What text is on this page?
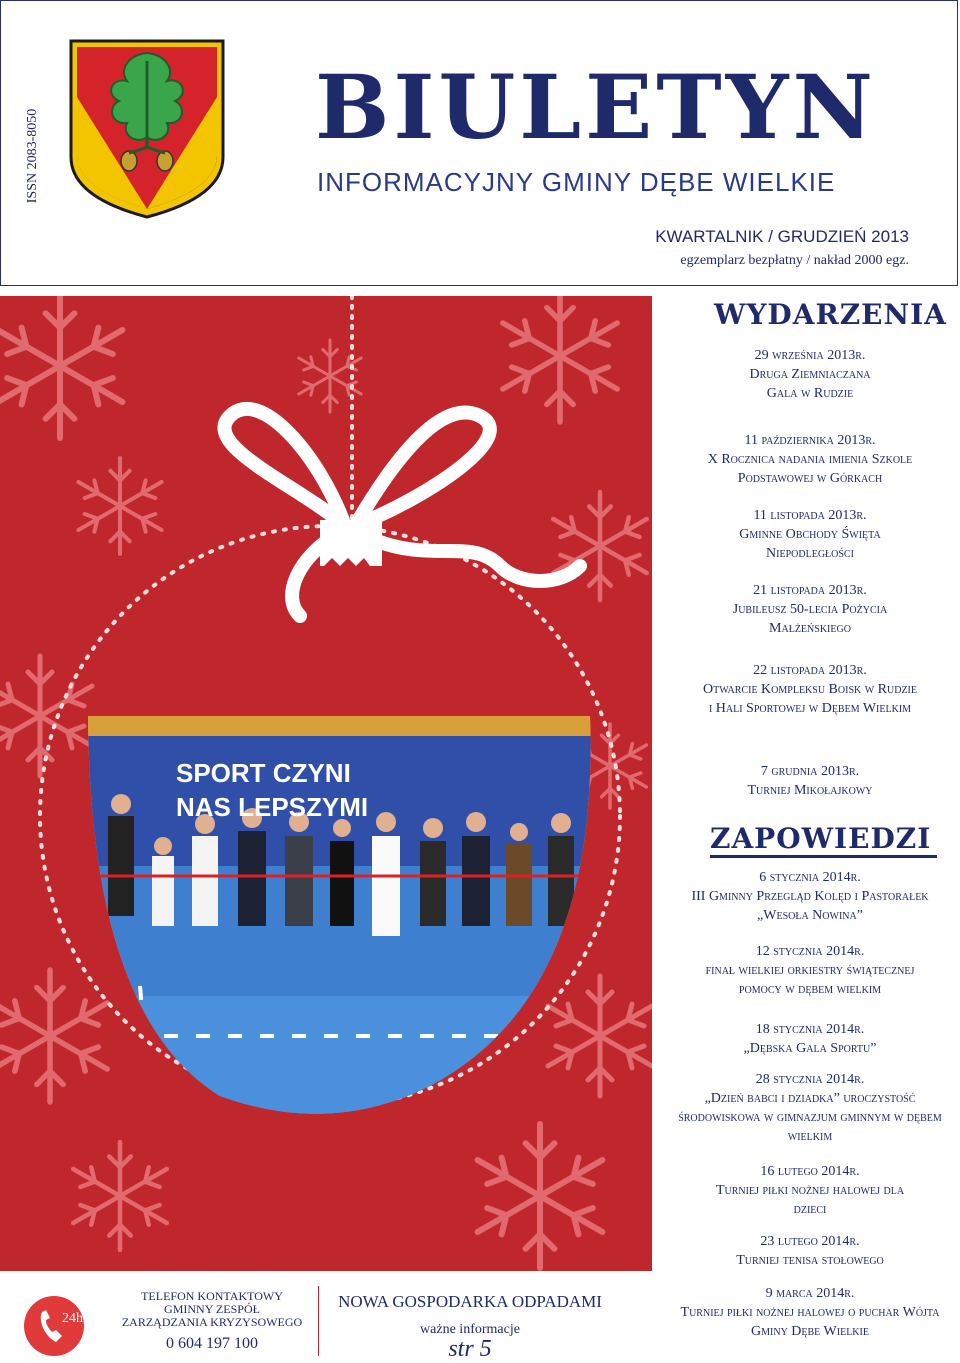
ISSN 2083-8050	BIULETYN
INFORMACYJNY GMINY DĘBE WIELKIE
KWARTALNIK / GRUDZIEŃ 2013
egzemplarz bezpłatny / nakład 2000 egz.
SPORT CZYNI
NAS LEPSZYMI
WYDARZENIA
29 września 2013r.
Druga Ziemniaczana Gala w Rudzie
11 października 2013r.
X Rocznica nadania imienia Szkole Podstawowej w Górkach
11 listopada 2013r.
Gminne Obchody Święta Niepodległości
21 listopada 2013r.
Jubileusz 50-lecia Pożycia Małżeńskiego
22 listopada 2013r.
Otwarcie Kompleksu Boisk w Rudzie i Hali Sportowej w Dębem Wielkim
7 grudnia 2013r.
Turniej Mikołajkowy
ZAPOWIEDZI
6 stycznia 2014r.
III Gminny Przegląd Kolęd i Pastorałek „Wesoła Nowina”
12 stycznia 2014r.
finał wielkiej orkiestry świątecznej pomocy w dębem wielkim
18 stycznia 2014r.
„Dębska Gala Sportu”
28 stycznia 2014r.
„Dzień babci i dziadka” uroczystość środowiskowa w gimnazjum gminnym w dębem wielkim
16 lutego 2014r.
Turniej piłki nożnej halowej dla dzieci
23 lutego 2014r.
Turniej tenisa stołowego
9 marca 2014r.
Turniej piłki nożnej halowej o puchar Wójta Gminy Dębe Wielkie
24h
TELEFON KONTAKTOWY
GMINNY ZESPÓŁ
ZARZĄDZANIA KRYZYSOWEGO
0 604 197 100
NOWA GOSPODARKA ODPADAMI
ważne informacje
str 5
